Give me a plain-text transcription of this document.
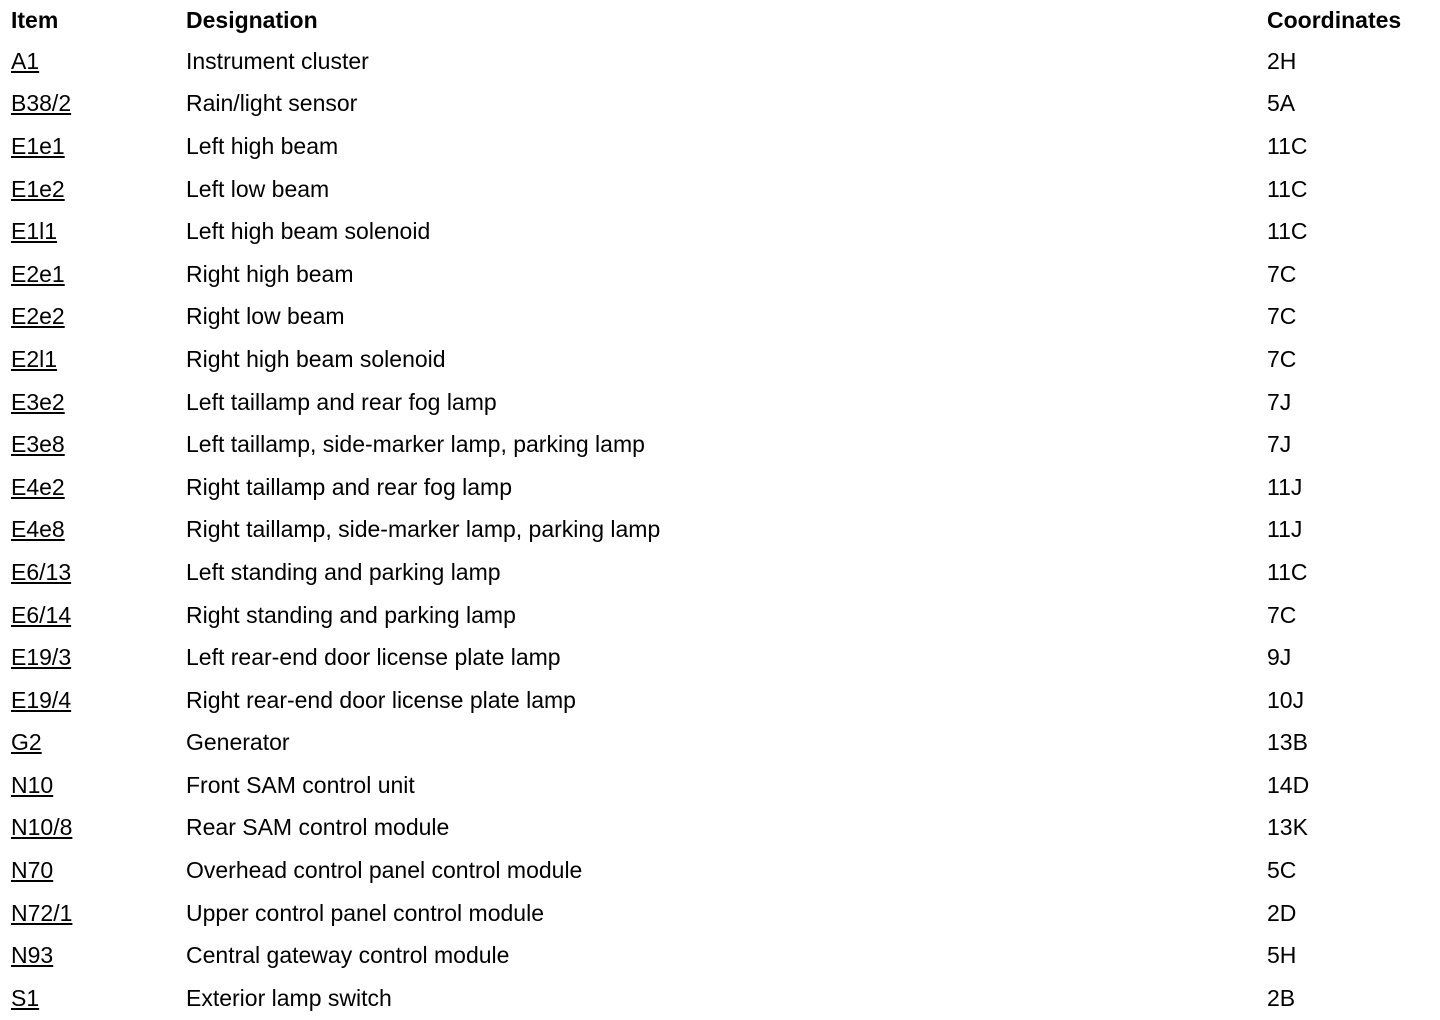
Item	Designation	Coordinates
A1	Instrument cluster	2H
B38/2	Rain/light sensor	5A
E1e1	Left high beam	11C
E1e2	Left low beam	11C
E1l1	Left high beam solenoid	11C
E2e1	Right high beam	7C
E2e2	Right low beam	7C
E2l1	Right high beam solenoid	7C
E3e2	Left taillamp and rear fog lamp	7J
E3e8	Left taillamp, side-marker lamp, parking lamp	7J
E4e2	Right taillamp and rear fog lamp	11J
E4e8	Right taillamp, side-marker lamp, parking lamp	11J
E6/13	Left standing and parking lamp	11C
E6/14	Right standing and parking lamp	7C
E19/3	Left rear-end door license plate lamp	9J
E19/4	Right rear-end door license plate lamp	10J
G2	Generator	13B
N10	Front SAM control unit	14D
N10/8	Rear SAM control module	13K
N70	Overhead control panel control module	5C
N72/1	Upper control panel control module	2D
N93	Central gateway control module	5H
S1	Exterior lamp switch	2B
